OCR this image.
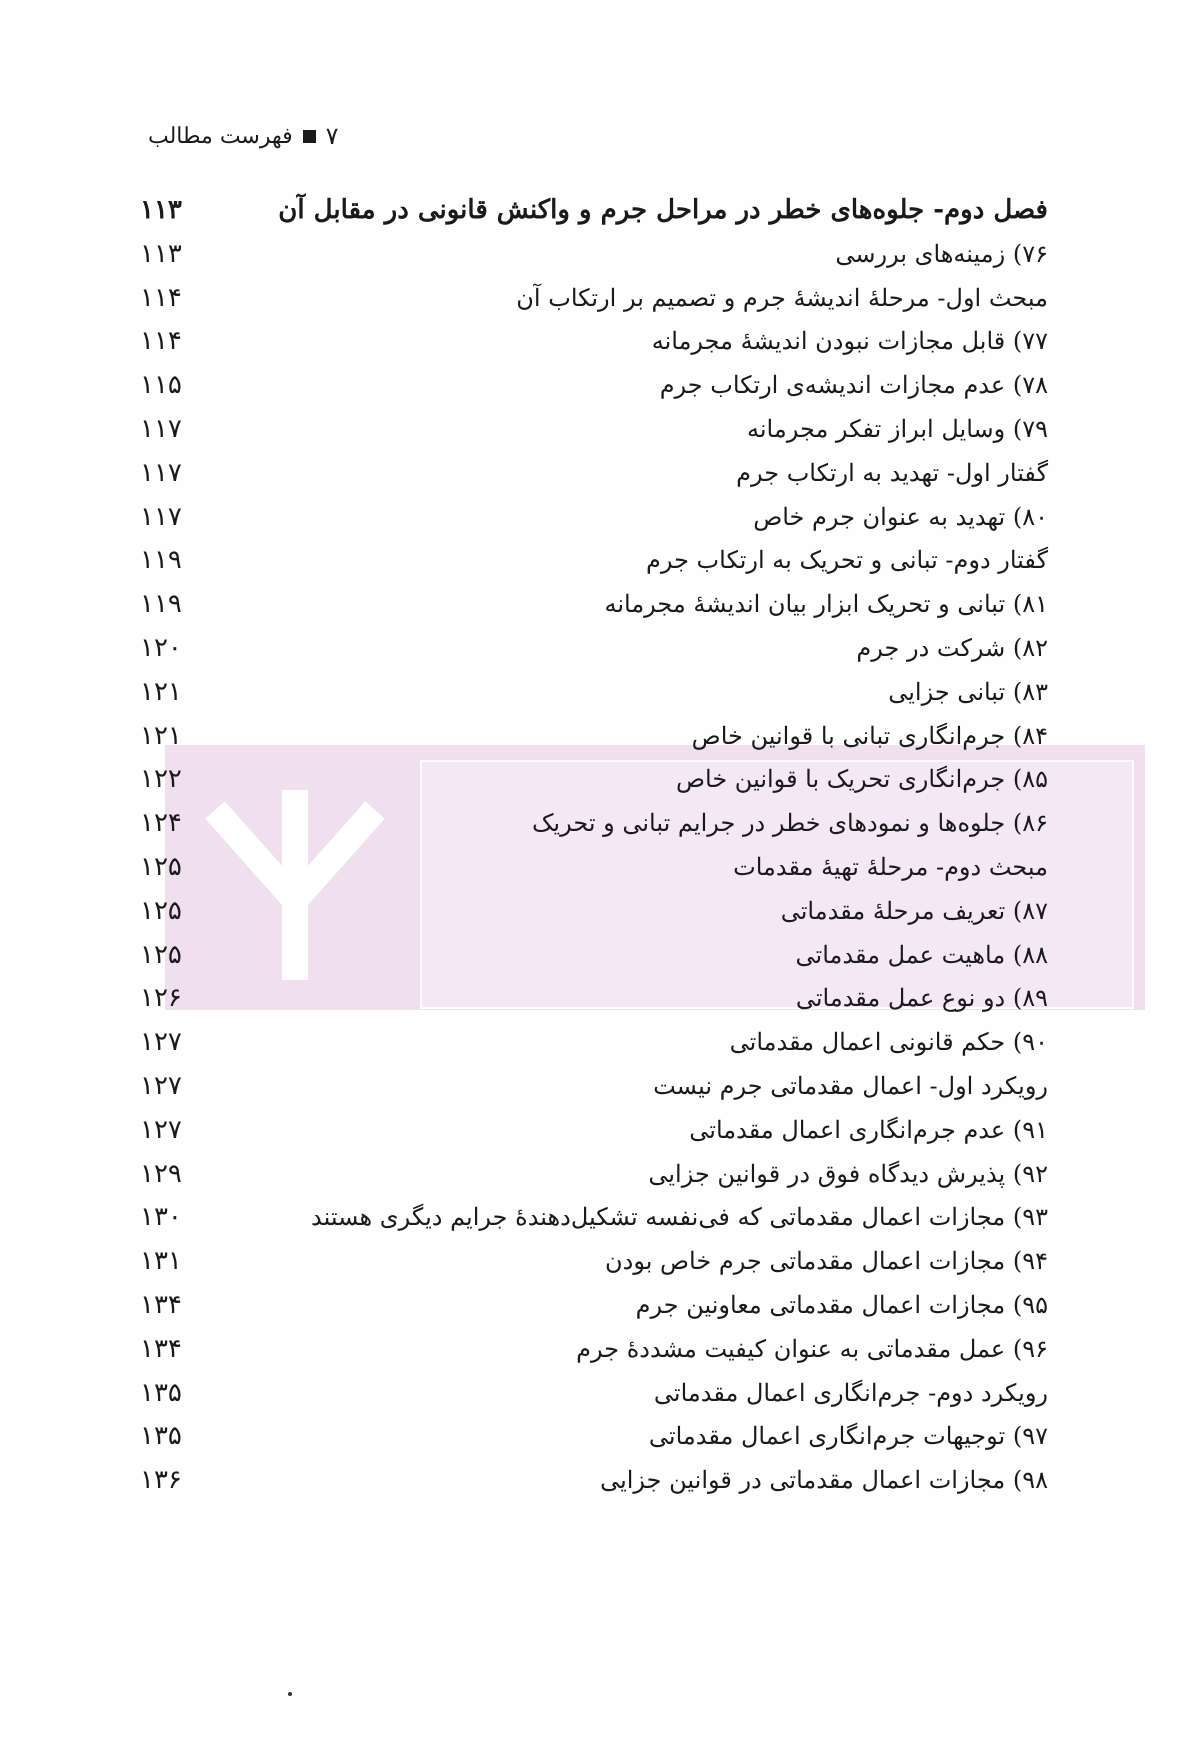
۷
فهرست مطالب
فصل دوم- جلوه‌های خطر در مراحل جرم و واکنش قانونی در مقابل آن
۱۱۳
۷۶) زمینه‌های بررسی
۱۱۳
مبحث اول- مرحلهٔ اندیشهٔ جرم و تصمیم بر ارتکاب آن
۱۱۴
۷۷) قابل مجازات نبودن اندیشهٔ مجرمانه
۱۱۴
۷۸) عدم مجازات اندیشه‌ی ارتکاب جرم
۱۱۵
۷۹) وسایل ابراز تفکر مجرمانه
۱۱۷
گفتار اول- تهدید به ارتکاب جرم
۱۱۷
۸۰) تهدید به عنوان جرم خاص
۱۱۷
گفتار دوم- تبانی و تحریک به ارتکاب جرم
۱۱۹
۸۱) تبانی و تحریک ابزار بیان اندیشهٔ مجرمانه
۱۱۹
۸۲) شرکت در جرم
۱۲۰
۸۳) تبانی جزایی
۱۲۱
۸۴) جرم‌انگاری تبانی با قوانین خاص
۱۲۱
۸۵) جرم‌انگاری تحریک با قوانین خاص
۱۲۲
۸۶) جلوه‌ها و نمودهای خطر در جرایم تبانی و تحریک
۱۲۴
مبحث دوم- مرحلهٔ تهیهٔ مقدمات
۱۲۵
۸۷) تعریف مرحلهٔ مقدماتی
۱۲۵
۸۸) ماهیت عمل مقدماتی
۱۲۵
۸۹) دو نوع عمل مقدماتی
۱۲۶
۹۰) حکم قانونی اعمال مقدماتی
۱۲۷
رویکرد اول- اعمال مقدماتی جرم نیست
۱۲۷
۹۱) عدم جرم‌انگاری اعمال مقدماتی
۱۲۷
۹۲) پذیرش دیدگاه فوق در قوانین جزایی
۱۲۹
۹۳) مجازات اعمال مقدماتی که فی‌نفسه تشکیل‌دهندهٔ جرایم دیگری هستند
۱۳۰
۹۴) مجازات اعمال مقدماتی جرم خاص بودن
۱۳۱
۹۵) مجازات اعمال مقدماتی معاونین جرم
۱۳۴
۹۶) عمل مقدماتی به عنوان کیفیت مشددهٔ جرم
۱۳۴
رویکرد دوم- جرم‌انگاری اعمال مقدماتی
۱۳۵
۹۷) توجیهات جرم‌انگاری اعمال مقدماتی
۱۳۵
۹۸) مجازات اعمال مقدماتی در قوانین جزایی
۱۳۶
